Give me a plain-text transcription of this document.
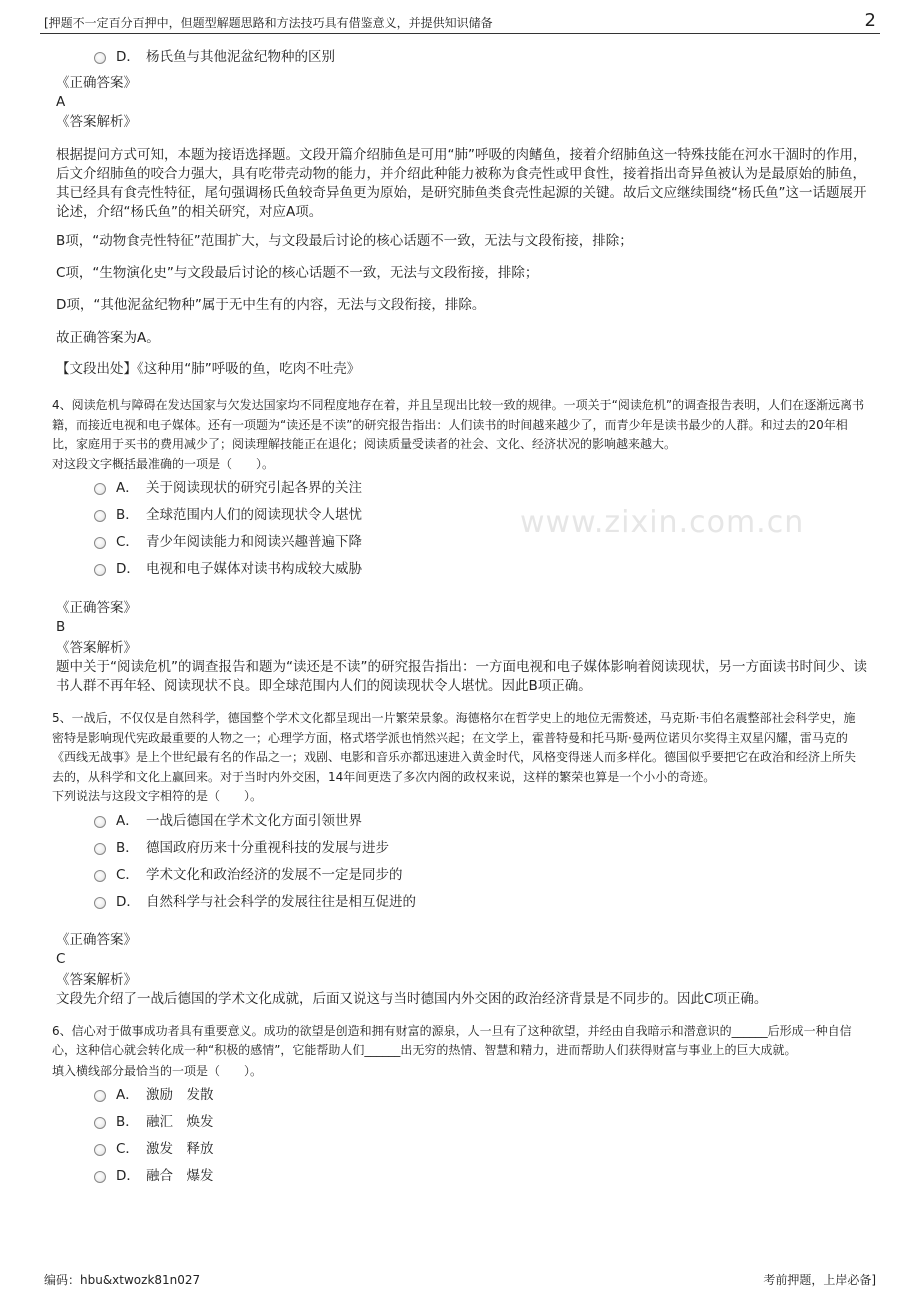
[押题不一定百分百押中，但题型解题思路和方法技巧具有借鉴意义，并提供知识储备	2
www.zixin.com.cn
D． 杨氏鱼与其他泥盆纪物种的区别
《正确答案》
A
《答案解析》
根据提问方式可知，本题为接语选择题。文段开篇介绍肺鱼是可用“肺”呼吸的肉鳍鱼，接着介绍肺鱼这一特殊技能在河水干涸时的作用，后文介绍肺鱼的咬合力强大，具有吃带壳动物的能力，并介绍此种能力被称为食壳性或甲食性，接着指出奇异鱼被认为是最原始的肺鱼，其已经具有食壳性特征，尾句强调杨氏鱼较奇异鱼更为原始，是研究肺鱼类食壳性起源的关键。故后文应继续围绕“杨氏鱼”这一话题展开论述，介绍“杨氏鱼”的相关研究，对应A项。
B项，“动物食壳性特征”范围扩大，与文段最后讨论的核心话题不一致，无法与文段衔接，排除；
C项，“生物演化史”与文段最后讨论的核心话题不一致，无法与文段衔接，排除；
D项，“其他泥盆纪物种”属于无中生有的内容，无法与文段衔接，排除。
故正确答案为A。
【文段出处】《这种用“肺”呼吸的鱼，吃肉不吐壳》
4、阅读危机与障碍在发达国家与欠发达国家均不同程度地存在着，并且呈现出比较一致的规律。一项关于“阅读危机”的调查报告表明，人们在逐渐远离书籍，而接近电视和电子媒体。还有一项题为“读还是不读”的研究报告指出：人们读书的时间越来越少了，而青少年是读书最少的人群。和过去的20年相比，家庭用于买书的费用减少了；阅读理解技能正在退化；阅读质量受读者的社会、文化、经济状况的影响越来越大。
对这段文字概括最准确的一项是（　　）。
A． 关于阅读现状的研究引起各界的关注
B． 全球范围内人们的阅读现状令人堪忧
C． 青少年阅读能力和阅读兴趣普遍下降
D． 电视和电子媒体对读书构成较大威胁
《正确答案》
B
《答案解析》
题中关于“阅读危机”的调查报告和题为“读还是不读”的研究报告指出：一方面电视和电子媒体影响着阅读现状，另一方面读书时间少、读书人群不再年轻、阅读现状不良。即全球范围内人们的阅读现状令人堪忧。因此B项正确。
5、一战后，不仅仅是自然科学，德国整个学术文化都呈现出一片繁荣景象。海德格尔在哲学史上的地位无需赘述，马克斯·韦伯名震整部社会科学史，施密特是影响现代宪政最重要的人物之一；心理学方面，格式塔学派也悄然兴起；在文学上，霍普特曼和托马斯·曼两位诺贝尔奖得主双星闪耀，雷马克的《西线无战事》是上个世纪最有名的作品之一；戏剧、电影和音乐亦都迅速进入黄金时代，风格变得迷人而多样化。德国似乎要把它在政治和经济上所失去的，从科学和文化上赢回来。对于当时内外交困，14年间更迭了多次内阁的政权来说，这样的繁荣也算是一个小小的奇迹。
下列说法与这段文字相符的是（　　）。
A． 一战后德国在学术文化方面引领世界
B． 德国政府历来十分重视科技的发展与进步
C． 学术文化和政治经济的发展不一定是同步的
D． 自然科学与社会科学的发展往往是相互促进的
《正确答案》
C
《答案解析》
文段先介绍了一战后德国的学术文化成就，后面又说这与当时德国内外交困的政治经济背景是不同步的。因此C项正确。
6、信心对于做事成功者具有重要意义。成功的欲望是创造和拥有财富的源泉，人一旦有了这种欲望，并经由自我暗示和潜意识的______后形成一种自信心，这种信心就会转化成一种“积极的感情”，它能帮助人们______出无穷的热情、智慧和精力，进而帮助人们获得财富与事业上的巨大成就。
填入横线部分最恰当的一项是（　　）。
A． 激励　发散
B． 融汇　焕发
C． 激发　释放
D． 融合　爆发
编码：hbu&xtwozk81n027	考前押题，上岸必备]
